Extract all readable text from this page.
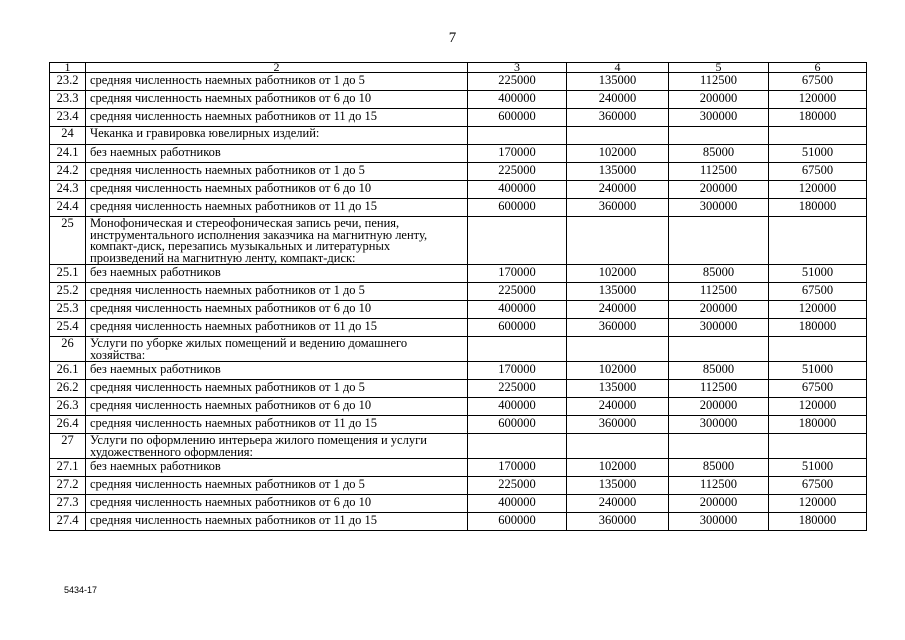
7
1	2	3	4	5	6
23.2	средняя численность наемных работников от 1 до 5	225000	135000	112500	67500
23.3	средняя численность наемных работников от 6 до 10	400000	240000	200000	120000
23.4	средняя численность наемных работников от 11 до 15	600000	360000	300000	180000
24	Чеканка и гравировка ювелирных изделий:				
24.1	без наемных работников	170000	102000	85000	51000
24.2	средняя численность наемных работников от 1 до 5	225000	135000	112500	67500
24.3	средняя численность наемных работников от 6 до 10	400000	240000	200000	120000
24.4	средняя численность наемных работников от 11 до 15	600000	360000	300000	180000
25	Монофоническая и стереофоническая запись речи, пения, инструментального исполнения заказчика на магнитную ленту, компакт-диск, перезапись музыкальных и литературных произведений на магнитную ленту, компакт-диск:				
25.1	без наемных работников	170000	102000	85000	51000
25.2	средняя численность наемных работников от 1 до 5	225000	135000	112500	67500
25.3	средняя численность наемных работников от 6 до 10	400000	240000	200000	120000
25.4	средняя численность наемных работников от 11 до 15	600000	360000	300000	180000
26	Услуги по уборке жилых помещений и ведению домашнего хозяйства:				
26.1	без наемных работников	170000	102000	85000	51000
26.2	средняя численность наемных работников от 1 до 5	225000	135000	112500	67500
26.3	средняя численность наемных работников от 6 до 10	400000	240000	200000	120000
26.4	средняя численность наемных работников от 11 до 15	600000	360000	300000	180000
27	Услуги по оформлению интерьера жилого помещения и услуги художественного оформления:				
27.1	без наемных работников	170000	102000	85000	51000
27.2	средняя численность наемных работников от 1 до 5	225000	135000	112500	67500
27.3	средняя численность наемных работников от 6 до 10	400000	240000	200000	120000
27.4	средняя численность наемных работников от 11 до 15	600000	360000	300000	180000
5434-17
